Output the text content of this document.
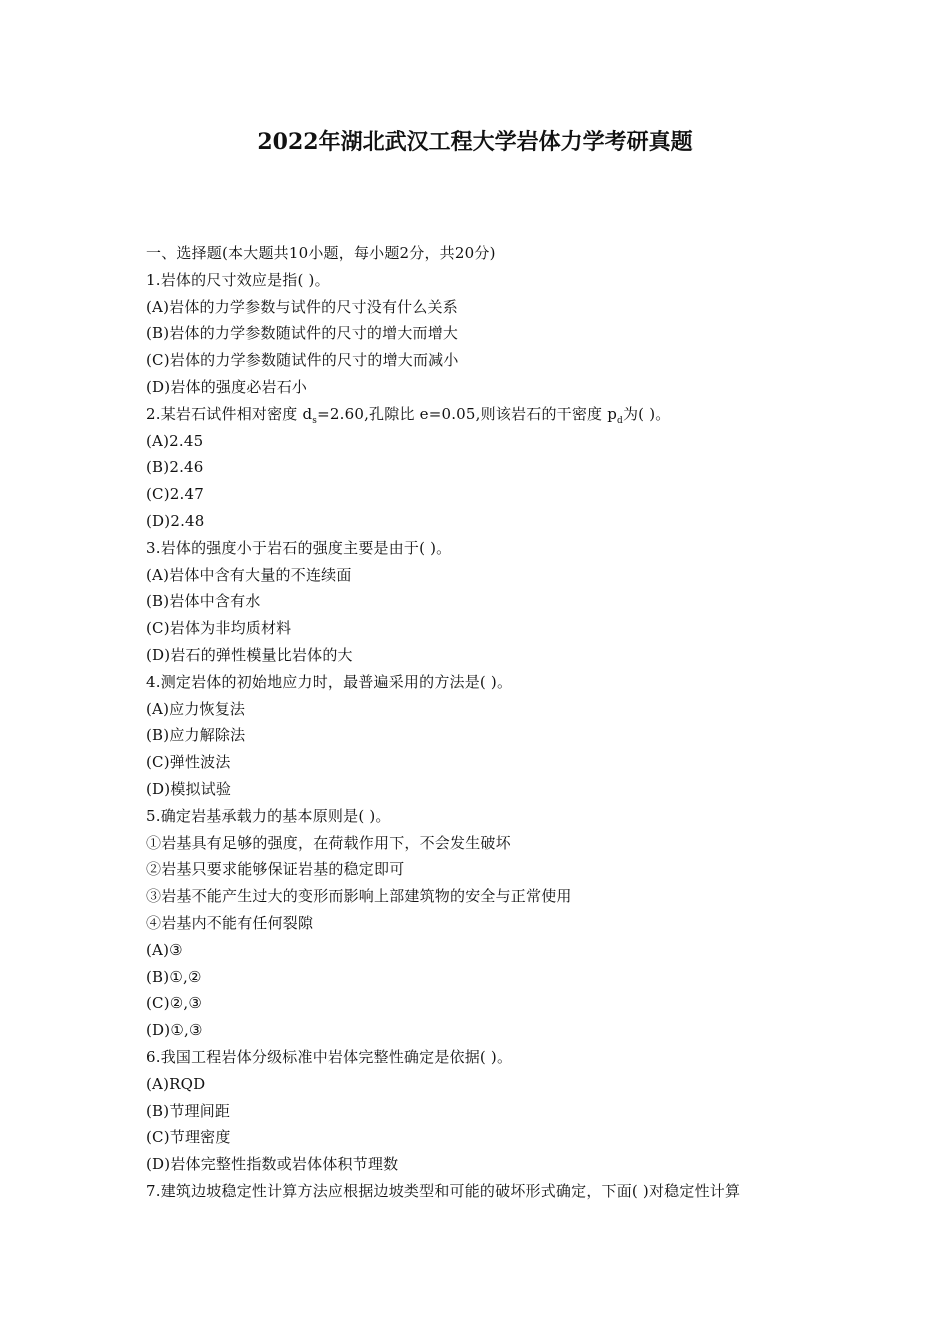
2022年湖北武汉工程大学岩体力学考研真题
一、选择题(本大题共10小题，每小题2分，共20分)
1.岩体的尺寸效应是指( )。
(A)岩体的力学参数与试件的尺寸没有什么关系
(B)岩体的力学参数随试件的尺寸的增大而增大
(C)岩体的力学参数随试件的尺寸的增大而减小
(D)岩体的强度必岩石小
2.某岩石试件相对密度 $d_s=2.60$,孔隙比 e=0.05,则该岩石的干密度 $p_d$为( )。
(A)2.45
(B)2.46
(C)2.47
(D)2.48
3.岩体的强度小于岩石的强度主要是由于( )。
(A)岩体中含有大量的不连续面
(B)岩体中含有水
(C)岩体为非均质材料
(D)岩石的弹性模量比岩体的大
4.测定岩体的初始地应力时，最普遍采用的方法是( )。
(A)应力恢复法
(B)应力解除法
(C)弹性波法
(D)模拟试验
5.确定岩基承载力的基本原则是( )。
①岩基具有足够的强度，在荷载作用下，不会发生破坏
②岩基只要求能够保证岩基的稳定即可
③岩基不能产生过大的变形而影响上部建筑物的安全与正常使用
④岩基内不能有任何裂隙
(A)③
(B)①,②
(C)②,③
(D)①,③
6.我国工程岩体分级标准中岩体完整性确定是依据( )。
(A)RQD
(B)节理间距
(C)节理密度
(D)岩体完整性指数或岩体体积节理数
7.建筑边坡稳定性计算方法应根据边坡类型和可能的破坏形式确定，下面( )对稳定性计算
